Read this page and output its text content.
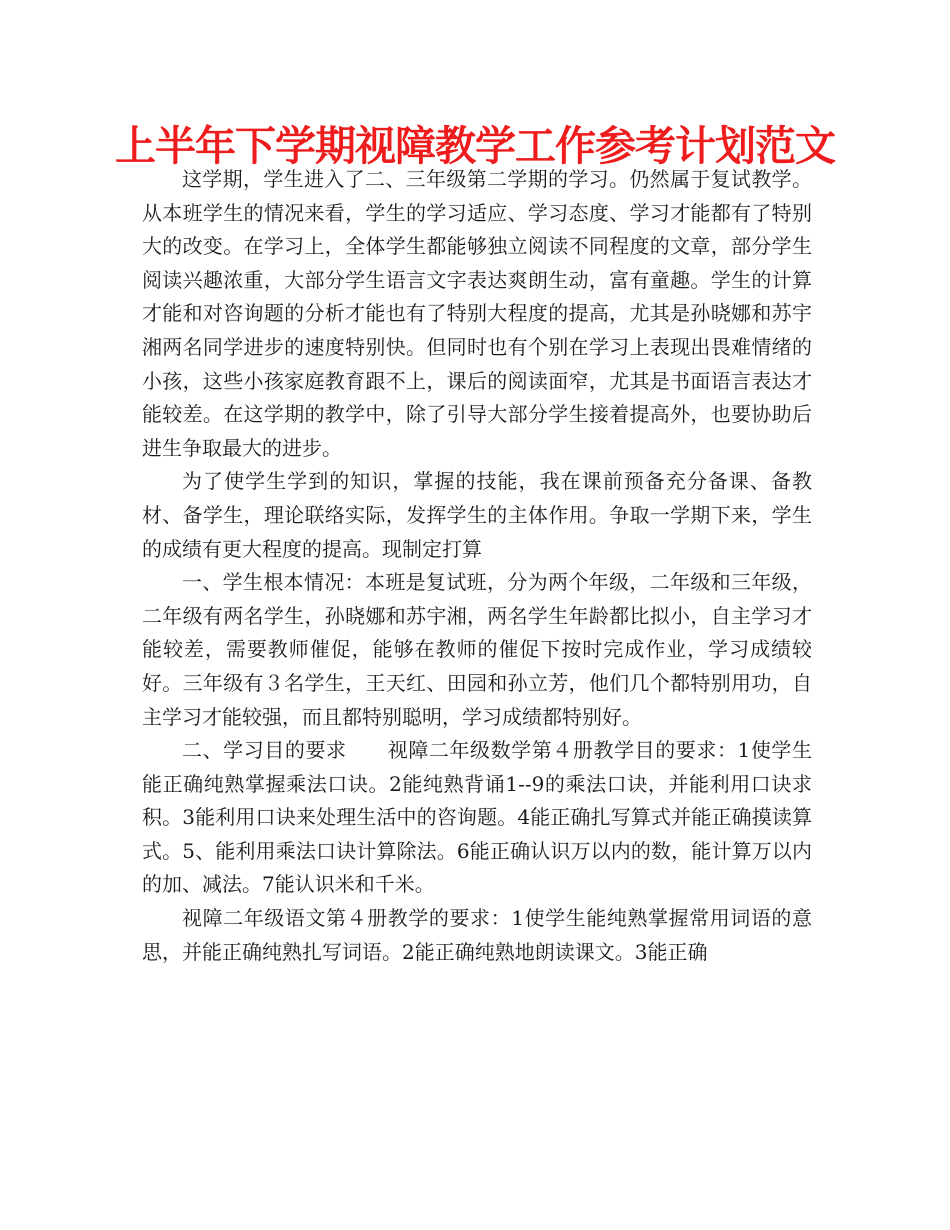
上半年下学期视障教学工作参考计划范文

这学期，学生进入了二、三年级第二学期的学习。仍然属于复试教学。从本班学生的情况来看，学生的学习适应、学习态度、学习才能都有了特别大的改变。在学习上，全体学生都能够独立阅读不同程度的文章，部分学生阅读兴趣浓重，大部分学生语言文字表达爽朗生动，富有童趣。学生的计算才能和对咨询题的分析才能也有了特别大程度的提高，尤其是孙晓娜和苏宇湘两名同学进步的速度特别快。但同时也有个别在学习上表现出畏难情绪的小孩，这些小孩家庭教育跟不上，课后的阅读面窄，尤其是书面语言表达才能较差。在这学期的教学中，除了引导大部分学生接着提高外，也要协助后进生争取最大的进步。

为了使学生学到的知识，掌握的技能，我在课前预备充分备课、备教材、备学生，理论联络实际，发挥学生的主体作用。争取一学期下来，学生的成绩有更大程度的提高。现制定打算

一、学生根本情况：本班是复试班，分为两个年级，二年级和三年级，二年级有两名学生，孙晓娜和苏宇湘，两名学生年龄都比拟小，自主学习才能较差，需要教师催促，能够在教师的催促下按时完成作业，学习成绩较好。三年级有３名学生，王天红、田园和孙立芳，他们几个都特别用功，自主学习才能较强，而且都特别聪明，学习成绩都特别好。

二、学习目的要求　　视障二年级数学第４册教学目的要求：1使学生能正确纯熟掌握乘法口诀。2能纯熟背诵1--9的乘法口诀，并能利用口诀求积。3能利用口诀来处理生活中的咨询题。4能正确扎写算式并能正确摸读算式。5、能利用乘法口诀计算除法。6能正确认识万以内的数，能计算万以内的加、减法。7能认识米和千米。

视障二年级语文第４册教学的要求：1使学生能纯熟掌握常用词语的意思，并能正确纯熟扎写词语。2能正确纯熟地朗读课文。3能正确
